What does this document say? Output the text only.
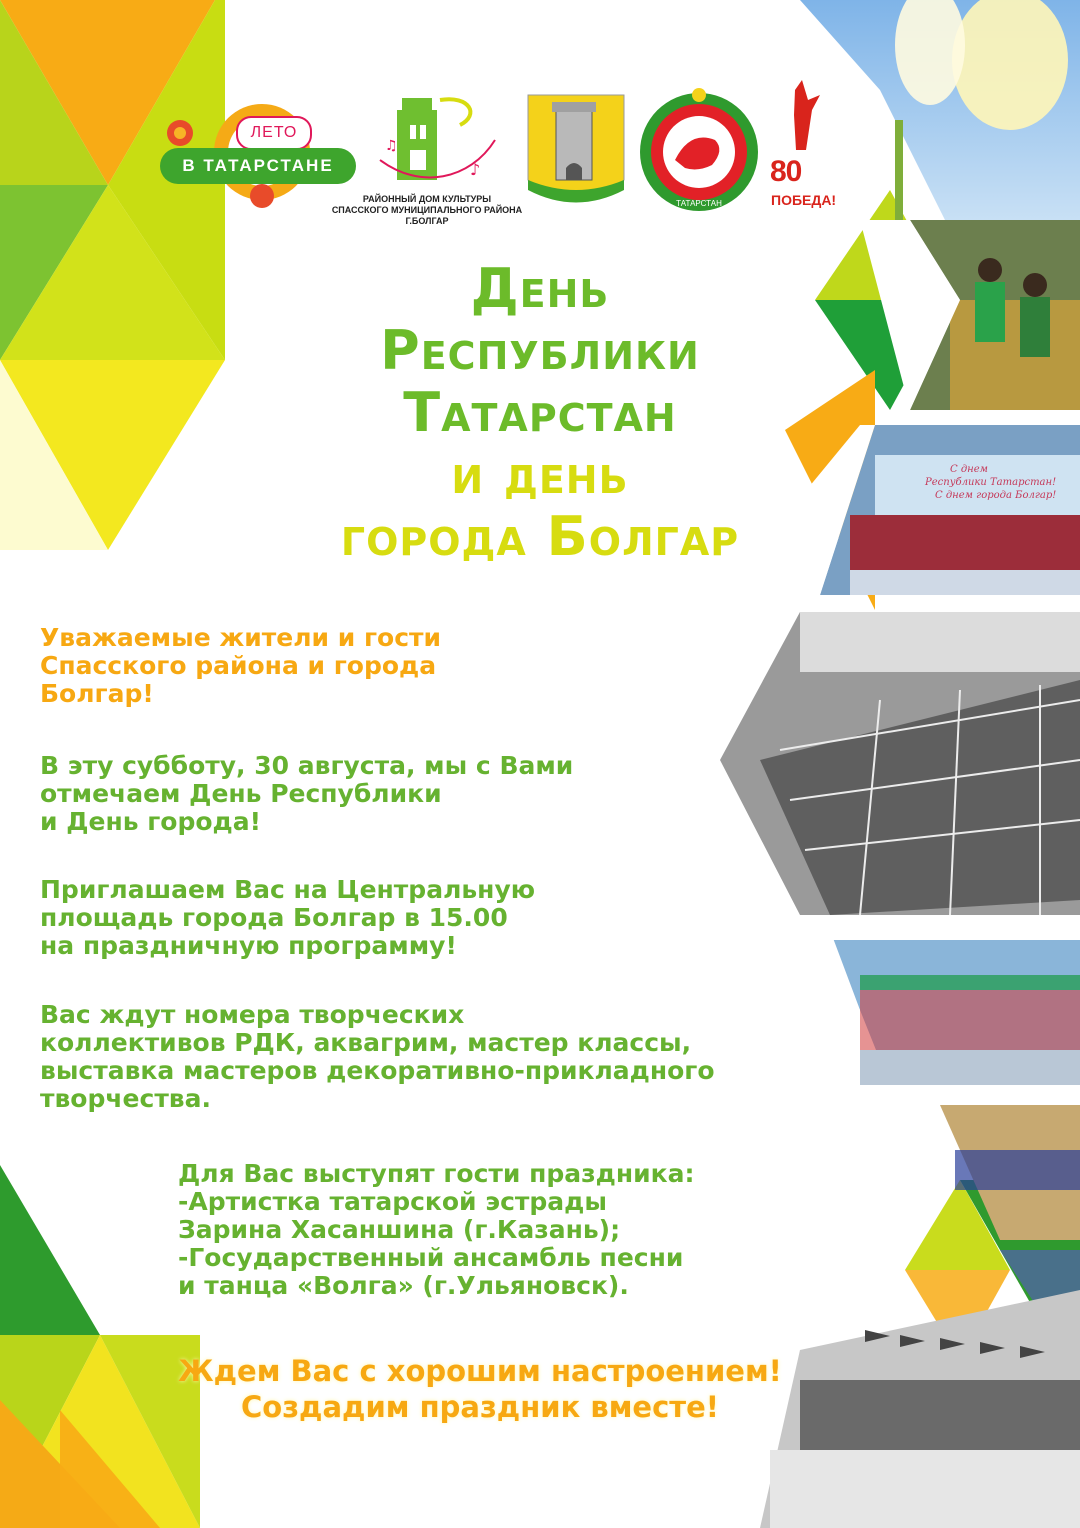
С днем
Республики Татарстан!
С днем города Болгар!
♪
♫
ТАТАРСТАН
ЛЕТО
В ТАТАРСТАНЕ
РАЙОННЫЙ ДОМ КУЛЬТУРЫ
СПАССКОГО МУНИЦИПАЛЬНОГО РАЙОНА Г.БОЛГАР
80
ПОБЕДА!
День
Республики
Татарстан
и день
города Болгар
Уважаемые жители и гости
Спасского района и города
Болгар!
В эту субботу, 30 августа, мы с Вами
отмечаем День Республики
и День города!
Приглашаем Вас на Центральную
площадь города Болгар в 15.00
на праздничную программу!
Вас ждут номера творческих
коллективов РДК, аквагрим, мастер классы,
выставка мастеров декоративно-прикладного
творчества.
Для Вас выступят гости праздника:
-Артистка татарской эстрады
Зарина Хасаншина (г.Казань);
-Государственный ансамбль песни
и танца «Волга» (г.Ульяновск).
Ждем Вас с хорошим настроением!
Создадим праздник вместе!
